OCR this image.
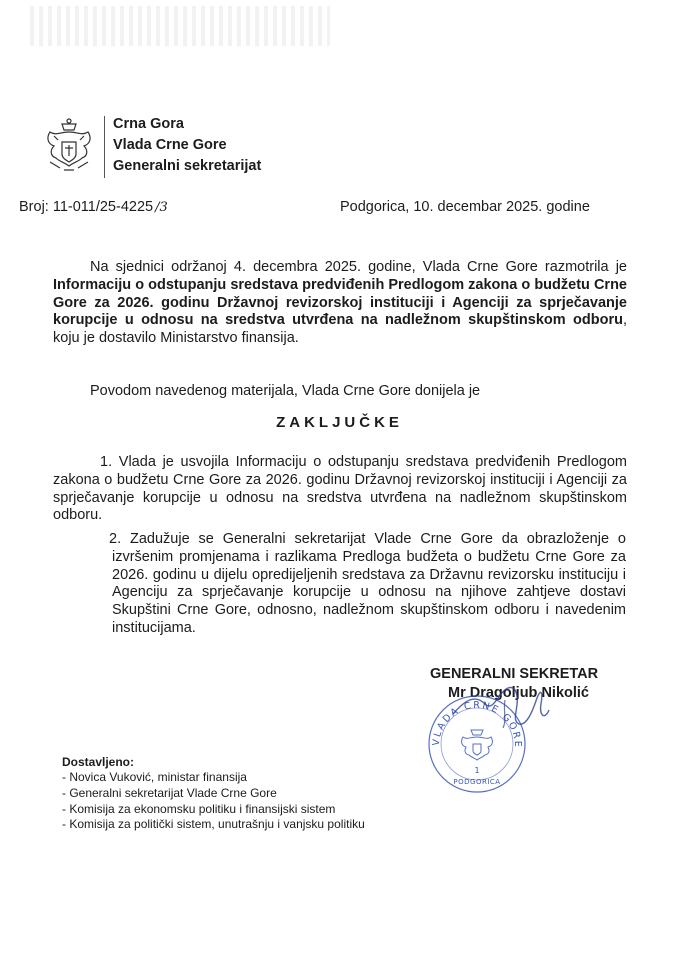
Crna Gora
Vlada Crne Gore
Generalni sekretarijat
Broj: 11-011/25-4225 /3	Podgorica, 10. decembar 2025. godine
Na sjednici održanoj 4. decembra 2025. godine, Vlada Crne Gore razmotrila je Informaciju o odstupanju sredstava predviđenih Predlogom zakona o budžetu Crne Gore za 2026. godinu Državnoj revizorskoj instituciji i Agenciji za sprječavanje korupcije u odnosu na sredstva utvrđena na nadležnom skupštinskom odboru, koju je dostavilo Ministarstvo finansija.
Povodom navedenog materijala, Vlada Crne Gore donijela je
ZAKLJUČKE
1. Vlada je usvojila Informaciju o odstupanju sredstava predviđenih Predlogom zakona o budžetu Crne Gore za 2026. godinu Državnoj revizorskoj instituciji i Agenciji za sprječavanje korupcije u odnosu na sredstva utvrđena na nadležnom skupštinskom odboru.
2. Zadužuje se Generalni sekretarijat Vlade Crne Gore da obrazloženje o izvršenim promjenama i razlikama Predloga budžeta o budžetu Crne Gore za 2026. godinu u dijelu opredijeljenih sredstava za Državnu revizorsku instituciju i Agenciju za sprječavanje korupcije u odnosu na njihove zahtjeve dostavi Skupštini Crne Gore, odnosno, nadležnom skupštinskom odboru i navedenim institucijama.
GENERALNI SEKRETAR
Mr Dragoljub Nikolić
VLADA CRNE GORE
1
PODGORICA
Dostavljeno:
- Novica Vuković, ministar finansija
- Generalni sekretarijat Vlade Crne Gore
- Komisija za ekonomsku politiku i finansijski sistem
- Komisija za politički sistem, unutrašnju i vanjsku politiku
